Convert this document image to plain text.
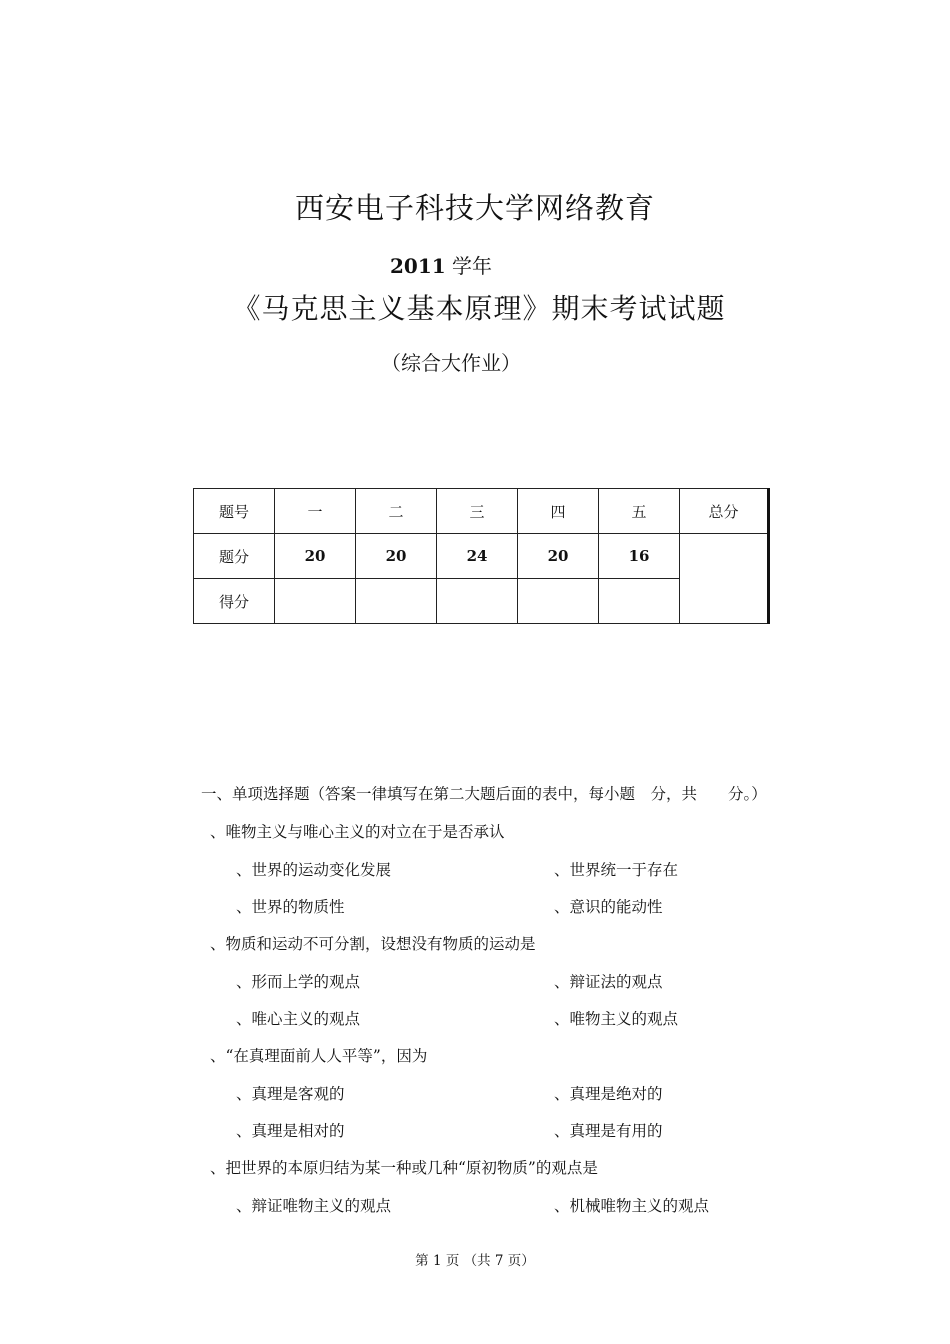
西安电子科技大学网络教育
2011 学年
《马克思主义基本原理》期末考试试题
（综合大作业）
题号	一	二	三	四	五	总分
题分	20	20	24	20	16	
得分						
一、单项选择题（答案一律填写在第二大题后面的表中，每小题　分，共　　分。）
、唯物主义与唯心主义的对立在于是否承认
、世界的运动变化发展	、世界统一于存在
、世界的物质性	、意识的能动性
、物质和运动不可分割，设想没有物质的运动是
、形而上学的观点	、辩证法的观点
、唯心主义的观点	、唯物主义的观点
、“在真理面前人人平等”，因为
、真理是客观的	、真理是绝对的
、真理是相对的	、真理是有用的
、把世界的本原归结为某一种或几种“原初物质”的观点是
、辩证唯物主义的观点	、机械唯物主义的观点
第 1 页 （共 7 页）
